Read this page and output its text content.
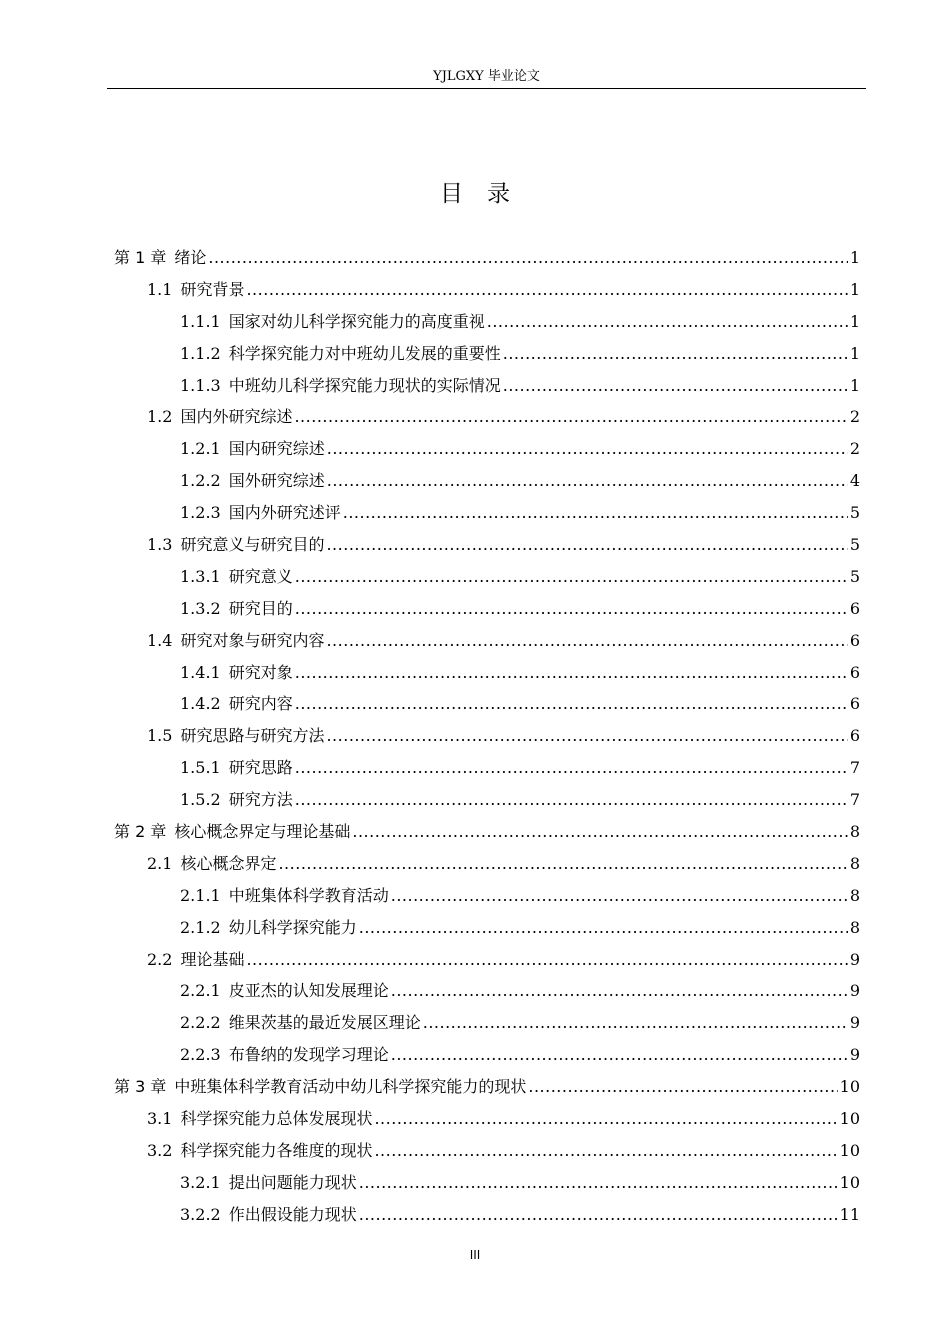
YJLGXY 毕业论文
目录
第 1 章 绪论 .....	1
1.1 研究背景 .....	1
1.1.1 国家对幼儿科学探究能力的高度重视 .....	1
1.1.2 科学探究能力对中班幼儿发展的重要性 .....	1
1.1.3 中班幼儿科学探究能力现状的实际情况 .....	1
1.2 国内外研究综述 .....	2
1.2.1 国内研究综述 .....	2
1.2.2 国外研究综述 .....	4
1.2.3 国内外研究述评 .....	5
1.3 研究意义与研究目的 .....	5
1.3.1 研究意义 .....	5
1.3.2 研究目的 .....	6
1.4 研究对象与研究内容 .....	6
1.4.1 研究对象 .....	6
1.4.2 研究内容 .....	6
1.5 研究思路与研究方法 .....	6
1.5.1 研究思路 .....	7
1.5.2 研究方法 .....	7
第 2 章 核心概念界定与理论基础 .....	8
2.1 核心概念界定 .....	8
2.1.1 中班集体科学教育活动 .....	8
2.1.2 幼儿科学探究能力 .....	8
2.2 理论基础 .....	9
2.2.1 皮亚杰的认知发展理论 .....	9
2.2.2 维果茨基的最近发展区理论 .....	9
2.2.3 布鲁纳的发现学习理论 .....	9
第 3 章 中班集体科学教育活动中幼儿科学探究能力的现状 .....	10
3.1 科学探究能力总体发展现状 .....	10
3.2 科学探究能力各维度的现状 .....	10
3.2.1 提出问题能力现状 .....	10
3.2.2 作出假设能力现状 .....	11
III
